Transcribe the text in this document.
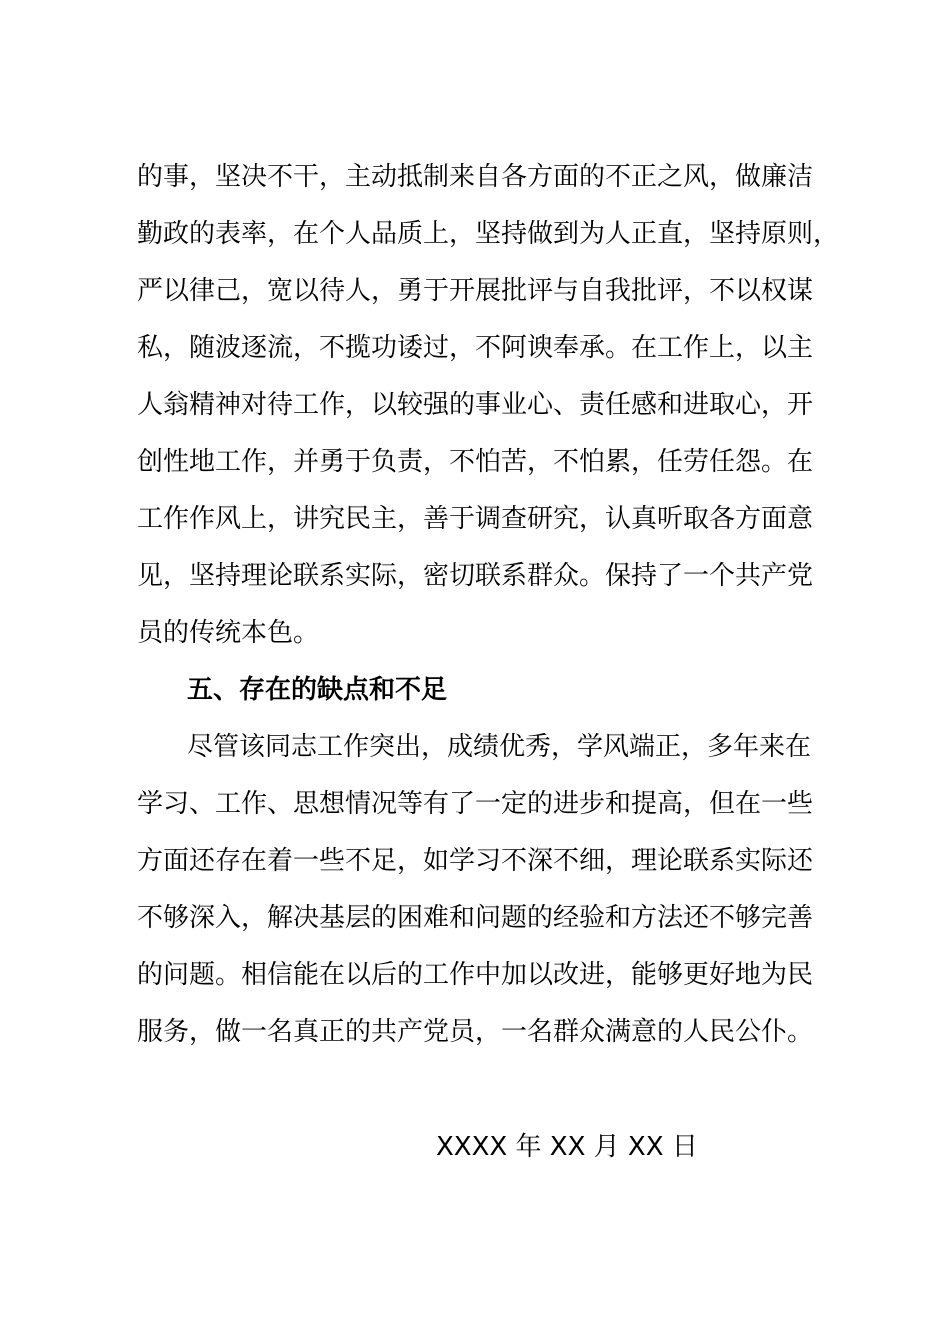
的事，坚决不干，主动抵制来自各方面的不正之风，做廉洁
勤政的表率，在个人品质上，坚持做到为人正直，坚持原则，
严以律己，宽以待人，勇于开展批评与自我批评，不以权谋
私，随波逐流，不揽功诿过，不阿谀奉承。在工作上，以主
人翁精神对待工作，以较强的事业心、责任感和进取心，开
创性地工作，并勇于负责，不怕苦，不怕累，任劳任怨。在
工作作风上，讲究民主，善于调查研究，认真听取各方面意
见，坚持理论联系实际，密切联系群众。保持了一个共产党
员的传统本色。
五、存在的缺点和不足
尽管该同志工作突出，成绩优秀，学风端正，多年来在
学习、工作、思想情况等有了一定的进步和提高，但在一些
方面还存在着一些不足，如学习不深不细，理论联系实际还
不够深入，解决基层的困难和问题的经验和方法还不够完善
的问题。相信能在以后的工作中加以改进，能够更好地为民
服务，做一名真正的共产党员，一名群众满意的人民公仆。
XXXX 年 XX 月 XX 日
